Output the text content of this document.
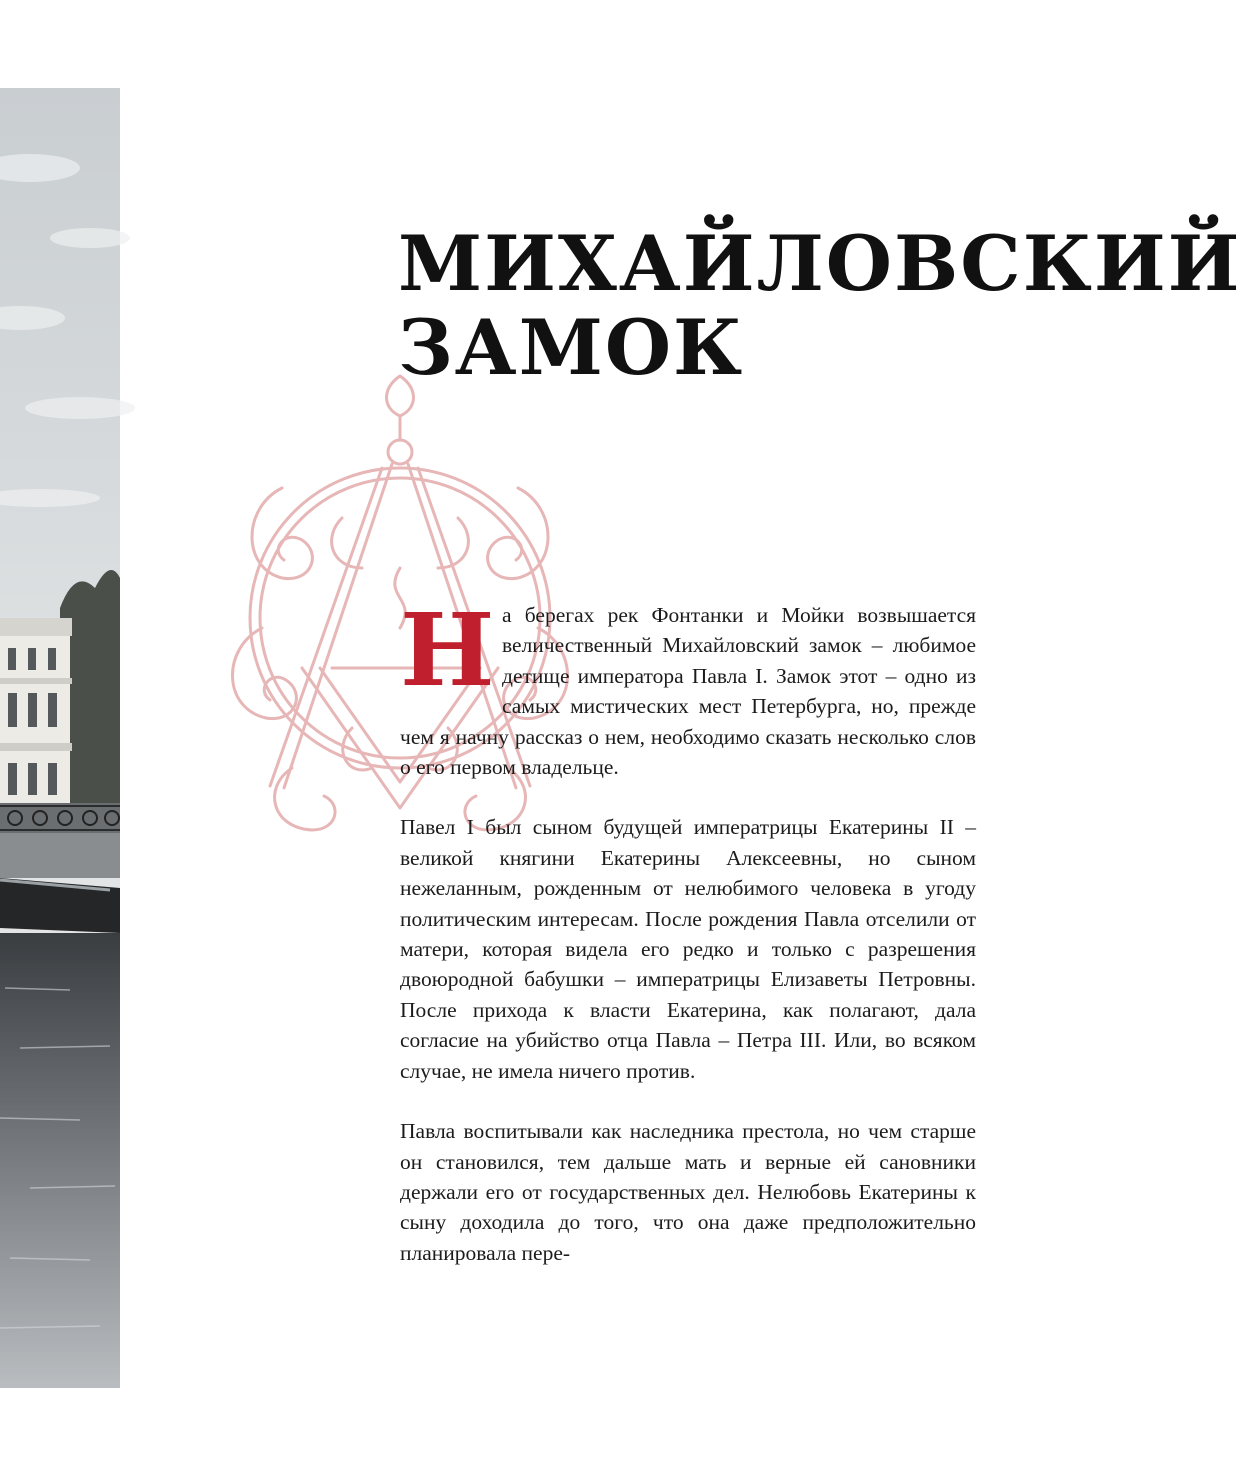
МИХАЙЛОВСКИЙ
ЗАМОК

На берегах рек Фонтанки и Мойки возвышается величественный Михайловский замок – любимое детище императора Павла I. Замок этот – одно из самых мистических мест Петербурга, но, прежде чем я начну рассказ о нем, необходимо сказать несколько слов о его первом владельце.

Павел I был сыном будущей императрицы Екатерины II – великой княгини Екатерины Алексеевны, но сыном нежеланным, рожденным от нелюбимого человека в угоду политическим интересам. После рождения Павла отселили от матери, которая видела его редко и только с разрешения двоюродной бабушки – императрицы Елизаветы Петровны. После прихода к власти Екатерина, как полагают, дала согласие на убийство отца Павла – Петра III. Или, во всяком случае, не имела ничего против.

Павла воспитывали как наследника престола, но чем старше он становился, тем дальше мать и верные ей сановники держали его от государственных дел. Нелюбовь Екатерины к сыну доходила до того, что она даже предположительно планировала пере-
